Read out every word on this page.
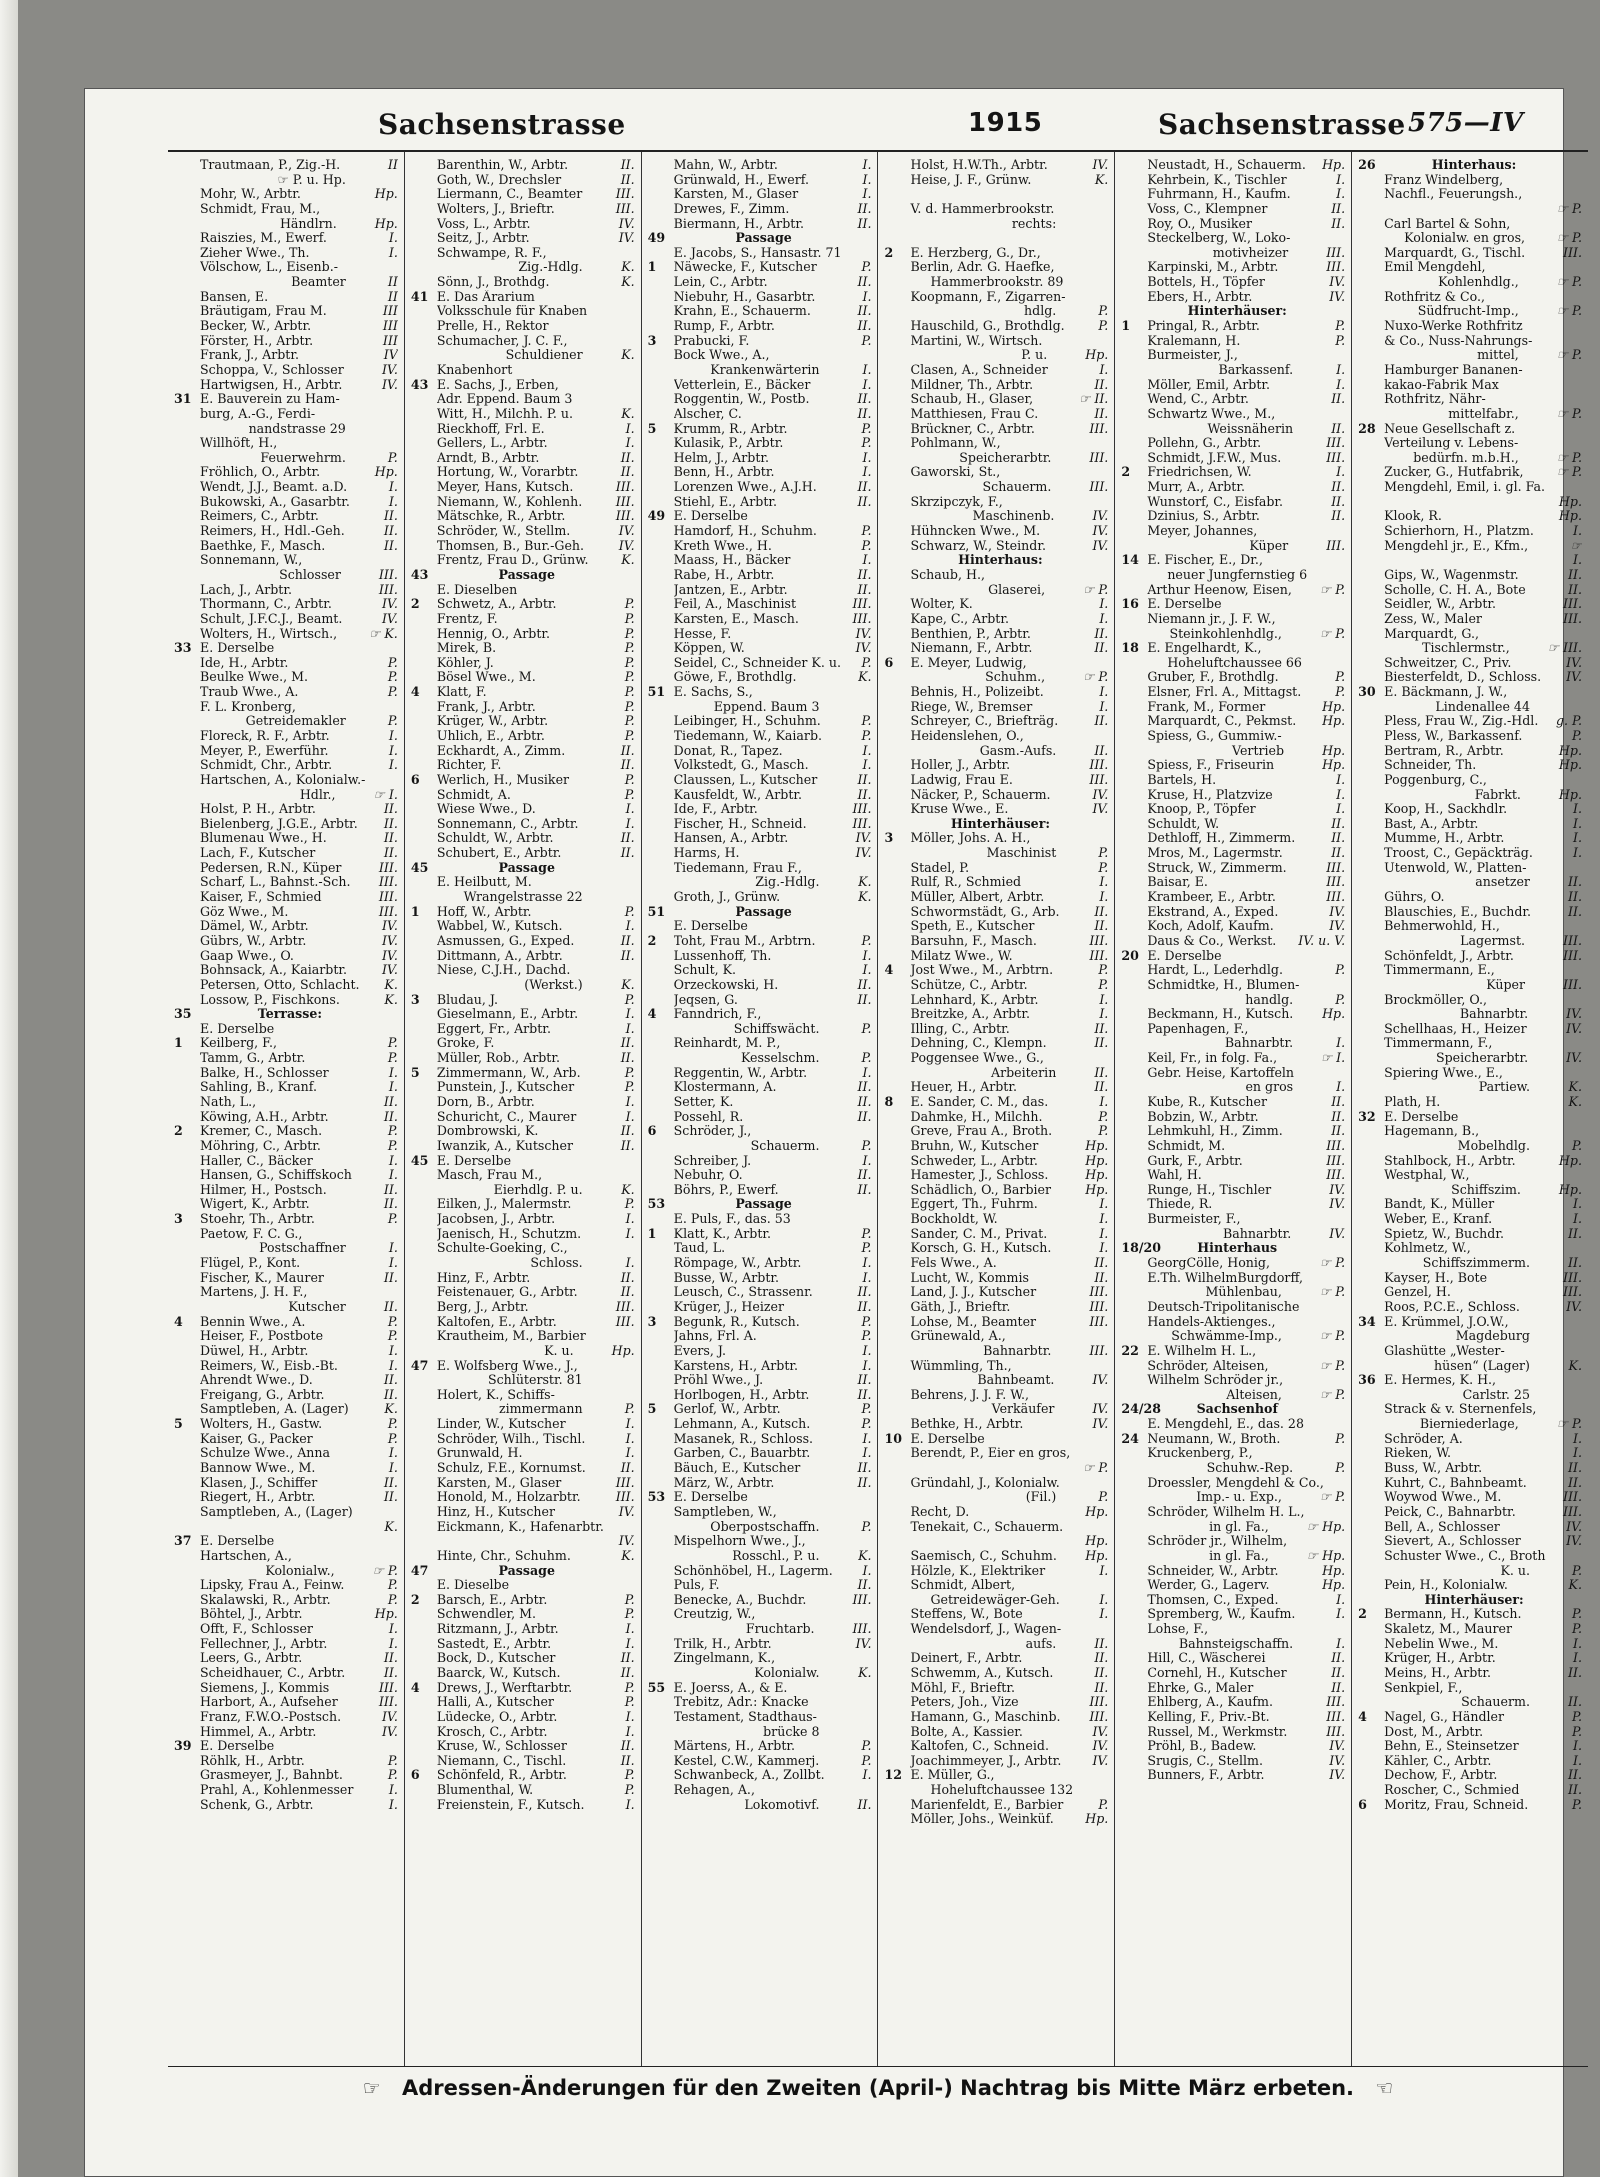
Sachsenstrasse	1915	Sachsenstrasse 575—IV
Trautmaan, P., Zig.-H.	II
☞ P. u. Hp.
Mohr, W., Arbtr.	Hp.
Schmidt, Frau, M.,
Händlrn.	Hp.
Raiszies, M., Ewerf.	I.
Zieher Wwe., Th.	I.
Völschow, L., Eisenb.-
Beamter	II
Bansen, E.	II
Bräutigam, Frau M.	III
Becker, W., Arbtr.	III
Förster, H., Arbtr.	III
Frank, J., Arbtr.	IV
Schoppa, V., Schlosser	IV.
Hartwigsen, H., Arbtr.	IV.
31 E. Bauverein zu Ham-
burg, A.-G., Ferdi-
nandstrasse 29
Willhöft, H.,
Feuerwehrm.	P.
Fröhlich, O., Arbtr.	Hp.
Wendt, J.J., Beamt. a.D.	I.
Bukowski, A., Gasarbtr.	I.
Reimers, C., Arbtr.	II.
Reimers, H., Hdl.-Geh.	II.
Baethke, F., Masch.	II.
Sonnemann, W.,
Schlosser	III.
Lach, J., Arbtr.	III.
Thormann, C., Arbtr.	IV.
Schult, J.F.C.J., Beamt.	IV.
Wolters, H., Wirtsch.,	☞ K.
33 E. Derselbe
Ide, H., Arbtr.	P.
Beulke Wwe., M.	P.
Traub Wwe., A.	P.
F. L. Kronberg,
Getreidemakler	P.
Floreck, R. F., Arbtr.	I.
Meyer, P., Ewerführ.	I.
Schmidt, Chr., Arbtr.	I.
Hartschen, A., Kolonialw.-
Hdlr.,	☞ I.
Holst, P. H., Arbtr.	II.
Bielenberg, J.G.E., Arbtr.	II.
Blumenau Wwe., H.	II.
Lach, F., Kutscher	II.
Pedersen, R.N., Küper	III.
Scharf, L., Bahnst.-Sch.	III.
Kaiser, F., Schmied	III.
Göz Wwe., M.	III.
Dämel, W., Arbtr.	IV.
Gübrs, W., Arbtr.	IV.
Gaap Wwe., O.	IV.
Bohnsack, A., Kaiarbtr.	IV.
Petersen, Otto, Schlacht.	K.
Lossow, P., Fischkons.	K.
35	Terrasse:
E. Derselbe
1	Keilberg, F.,	P.
Tamm, G., Arbtr.	P.
Balke, H., Schlosser	I.
Sahling, B., Kranf.	I.
Nath, L.,	II.
Köwing, A.H., Arbtr.	II.
2	Kremer, C., Masch.	P.
Möhring, C., Arbtr.	P.
Haller, C., Bäcker	I.
Hansen, G., Schiffskoch	I.
Hilmer, H., Postsch.	II.
Wigert, K., Arbtr.	II.
3	Stoehr, Th., Arbtr.	P.
Paetow, F. C. G.,
Postschaffner	I.
Flügel, P., Kont.	I.
Fischer, K., Maurer	II.
Martens, J. H. F.,
Kutscher	II.
4	Bennin Wwe., A.	P.
Heiser, F., Postbote	P.
Düwel, H., Arbtr.	I.
Reimers, W., Eisb.-Bt.	I.
Ahrendt Wwe., D.	II.
Freigang, G., Arbtr.	II.
Samptleben, A. (Lager)	K.
5	Wolters, H., Gastw.	P.
Kaiser, G., Packer	P.
Schulze Wwe., Anna	I.
Bannow Wwe., M.	I.
Klasen, J., Schiffer	II.
Riegert, H., Arbtr.	II.
Samptleben, A., (Lager)
K.
37 E. Derselbe
Hartschen, A.,
Kolonialw.,	☞ P.
Lipsky, Frau A., Feinw.	P.
Skalawski, R., Arbtr.	P.
Böhtel, J., Arbtr.	Hp.
Offt, F., Schlosser	I.
Fellechner, J., Arbtr.	I.
Leers, G., Arbtr.	II.
Scheidhauer, C., Arbtr.	II.
Siemens, J., Kommis	III.
Harbort, A., Aufseher	III.
Franz, F.W.O.-Postsch.	IV.
Himmel, A., Arbtr.	IV.
39 E. Derselbe
Röhlk, H., Arbtr.	P.
Grasmeyer, J., Bahnbt.	P.
Prahl, A., Kohlenmesser	I.
Schenk, G., Arbtr.	I.
Barenthin, W., Arbtr.	II.
Goth, W., Drechsler	II.
Liermann, C., Beamter	III.
Wolters, J., Brieftr.	III.
Voss, L., Arbtr.	IV.
Seitz, J., Arbtr.	IV.
Schwampe, R. F.,
Zig.-Hdlg.	K.
Sönn, J., Brothdg.	K.
41 E. Das Ärarium
Volksschule für Knaben
Prelle, H., Rektor
Schumacher, J. C. F.,
Schuldiener	K.
Knabenhort
43 E. Sachs, J., Erben,
Adr. Eppend. Baum 3
Witt, H., Milchh. P. u.	K.
Rieckhoff, Frl. E.	I.
Gellers, L., Arbtr.	I.
Arndt, B., Arbtr.	II.
Hortung, W., Vorarbtr.	II.
Meyer, Hans, Kutsch.	III.
Niemann, W., Kohlenh.	III.
Mätschke, R., Arbtr.	III.
Schröder, W., Stellm.	IV.
Thomsen, B., Bur.-Geh.	IV.
Frentz, Frau D., Grünw.	K.
43	Passage
E. Dieselben
2	Schwetz, A., Arbtr.	P.
Frentz, F.	P.
Hennig, O., Arbtr.	P.
Mirek, B.	P.
Köhler, J.	P.
Bösel Wwe., M.	P.
4	Klatt, F.	P.
Frank, J., Arbtr.	P.
Krüger, W., Arbtr.	P.
Uhlich, E., Arbtr.	P.
Eckhardt, A., Zimm.	II.
Richter, F.	II.
6	Werlich, H., Musiker	P.
Schmidt, A.	P.
Wiese Wwe., D.	I.
Sonnemann, C., Arbtr.	I.
Schuldt, W., Arbtr.	II.
Schubert, E., Arbtr.	II.
45	Passage
E. Heilbutt, M.
Wrangelstrasse 22
1	Hoff, W., Arbtr.	P.
Wabbel, W., Kutsch.	I.
Asmussen, G., Exped.	II.
Dittmann, A., Arbtr.	II.
Niese, C.J.H., Dachd.
(Werkst.)	K.
3	Bludau, J.	P.
Gieselmann, E., Arbtr.	I.
Eggert, Fr., Arbtr.	I.
Groke, F.	II.
Müller, Rob., Arbtr.	II.
5	Zimmermann, W., Arb.	P.
Punstein, J., Kutscher	P.
Dorn, B., Arbtr.	I.
Schuricht, C., Maurer	I.
Dombrowski, K.	II.
Iwanzik, A., Kutscher	II.
45 E. Derselbe
Masch, Frau M.,
Eierhdlg. P. u.	K.
Eilken, J., Malermstr.	P.
Jacobsen, J., Arbtr.	I.
Jaenisch, H., Schutzm.	I.
Schulte-Goeking, C.,
Schloss.	I.
Hinz, F., Arbtr.	II.
Feistenauer, G., Arbtr.	II.
Berg, J., Arbtr.	III.
Kaltofen, E., Arbtr.	III.
Krautheim, M., Barbier
K. u.	Hp.
47 E. Wolfsberg Wwe., J.,
Schlüterstr. 81
Holert, K., Schiffs-
zimmermann	P.
Linder, W., Kutscher	I.
Schröder, Wilh., Tischl.	I.
Grunwald, H.	I.
Schulz, F.E., Kornumst.	II.
Karsten, M., Glaser	III.
Honold, M., Holzarbtr.	III.
Hinz, H., Kutscher	IV.
Eickmann, K., Hafenarbtr.
IV.
Hinte, Chr., Schuhm.	K.
47	Passage
E. Dieselbe
2	Barsch, E., Arbtr.	P.
Schwendler, M.	P.
Ritzmann, J., Arbtr.	I.
Sastedt, E., Arbtr.	I.
Bock, D., Kutscher	II.
Baarck, W., Kutsch.	II.
4	Drews, J., Werftarbtr.	P.
Halli, A., Kutscher	P.
Lüdecke, O., Arbtr.	I.
Krosch, C., Arbtr.	I.
Kruse, W., Schlosser	II.
Niemann, C., Tischl.	II.
6	Schönfeld, R., Arbtr.	P.
Blumenthal, W.	P.
Freienstein, F., Kutsch.	I.
Mahn, W., Arbtr.	I.
Grünwald, H., Ewerf.	I.
Karsten, M., Glaser	I.
Drewes, F., Zimm.	II.
Biermann, H., Arbtr.	II.
49	Passage
E. Jacobs, S., Hansastr. 71
1	Näwecke, F., Kutscher	P.
Lein, C., Arbtr.	II.
Niebuhr, H., Gasarbtr.	I.
Krahn, E., Schauerm.	II.
Rump, F., Arbtr.	II.
3	Prabucki, F.	P.
Bock Wwe., A.,
Krankenwärterin	I.
Vetterlein, E., Bäcker	I.
Roggentin, W., Postb.	II.
Alscher, C.	II.
5	Krumm, R., Arbtr.	P.
Kulasik, P., Arbtr.	P.
Helm, J., Arbtr.	I.
Benn, H., Arbtr.	I.
Lorenzen Wwe., A.J.H.	II.
Stiehl, E., Arbtr.	II.
49 E. Derselbe
Hamdorf, H., Schuhm.	P.
Kreth Wwe., H.	P.
Maass, H., Bäcker	I.
Rabe, H., Arbtr.	II.
Jantzen, E., Arbtr.	II.
Feil, A., Maschinist	III.
Karsten, E., Masch.	III.
Hesse, F.	IV.
Köppen, W.	IV.
Seidel, C., Schneider K. u.	P.
Göwe, F., Brothdlg.	K.
51 E. Sachs, S.,
Eppend. Baum 3
Leibinger, H., Schuhm.	P.
Tiedemann, W., Kaiarb.	P.
Donat, R., Tapez.	I.
Volkstedt, G., Masch.	I.
Claussen, L., Kutscher	II.
Kausfeldt, W., Arbtr.	II.
Ide, F., Arbtr.	III.
Fischer, H., Schneid.	III.
Hansen, A., Arbtr.	IV.
Harms, H.	IV.
Tiedemann, Frau F.,
Zig.-Hdlg.	K.
Groth, J., Grünw.	K.
51	Passage
E. Derselbe
2	Toht, Frau M., Arbtrn.	P.
Lussenhoff, Th.	I.
Schult, K.	I.
Orzeckowski, H.	II.
Jeqsen, G.	II.
4	Fanndrich, F.,
Schiffswächt.	P.
Reinhardt, M. P.,
Kesselschm.	P.
Reggentin, W., Arbtr.	I.
Klostermann, A.	II.
Setter, K.	II.
Possehl, R.	II.
6	Schröder, J.,
Schauerm.	P.
Schreiber, J.	I.
Nebuhr, O.	II.
Böhrs, P., Ewerf.	II.
53	Passage
E. Puls, F., das. 53
1	Klatt, K., Arbtr.	P.
Taud, L.	P.
Römpage, W., Arbtr.	I.
Busse, W., Arbtr.	I.
Leusch, C., Strassenr.	II.
Krüger, J., Heizer	II.
3	Begunk, R., Kutsch.	P.
Jahns, Frl. A.	P.
Evers, J.	I.
Karstens, H., Arbtr.	I.
Pröhl Wwe., J.	II.
Horlbogen, H., Arbtr.	II.
5	Gerlof, W., Arbtr.	P.
Lehmann, A., Kutsch.	P.
Masanek, R., Schloss.	I.
Garben, C., Bauarbtr.	I.
Bäuch, E., Kutscher	II.
März, W., Arbtr.	II.
53 E. Derselbe
Samptleben, W.,
Oberpostschaffn.	P.
Mispelhorn Wwe., J.,
Rosschl., P. u.	K.
Schönhöbel, H., Lagerm.	I.
Puls, F.	II.
Benecke, A., Buchdr.	III.
Creutzig, W.,
Fruchtarb.	III.
Trilk, H., Arbtr.	IV.
Zingelmann, K.,
Kolonialw.	K.
55 E. Joerss, A., & E.
Trebitz, Adr.: Knacke
Testament, Stadthaus-
brücke 8
Märtens, H., Arbtr.	P.
Kestel, C.W., Kammerj.	P.
Schwanbeck, A., Zollbt.	I.
Rehagen, A.,
Lokomotivf.	II.
Holst, H.W.Th., Arbtr.	IV.
Heise, J. F., Grünw.	K.
V. d. Hammerbrookstr.
rechts:
2	E. Herzberg, G., Dr.,
Berlin, Adr. G. Haefke,
Hammerbrookstr. 89
Koopmann, F., Zigarren-
hdlg.	P.
Hauschild, G., Brothdlg.	P.
Martini, W., Wirtsch.
P. u.	Hp.
Clasen, A., Schneider	I.
Mildner, Th., Arbtr.	II.
Schaub, H., Glaser,	☞ II.
Matthiesen, Frau C.	II.
Brückner, C., Arbtr.	III.
Pohlmann, W.,
Speicherarbtr.	III.
Gaworski, St.,
Schauerm.	III.
Skrzipczyk, F.,
Maschinenb.	IV.
Hühncken Wwe., M.	IV.
Schwarz, W., Steindr.	IV.
Hinterhaus:
Schaub, H.,
Glaserei,	☞ P.
Wolter, K.	I.
Kape, C., Arbtr.	I.
Benthien, P., Arbtr.	II.
Niemann, F., Arbtr.	II.
6	E. Meyer, Ludwig,
Schuhm.,	☞ P.
Behnis, H., Polizeibt.	I.
Riege, W., Bremser	I.
Schreyer, C., Briefträg.	II.
Heidenslehen, O.,
Gasm.-Aufs.	II.
Holler, J., Arbtr.	III.
Ladwig, Frau E.	III.
Näcker, P., Schauerm.	IV.
Kruse Wwe., E.	IV.
Hinterhäuser:
3	Möller, Johs. A. H.,
Maschinist	P.
Stadel, P.	P.
Rulf, R., Schmied	I.
Müller, Albert, Arbtr.	I.
Schwormstädt, G., Arb.	II.
Speth, E., Kutscher	II.
Barsuhn, F., Masch.	III.
Milatz Wwe., W.	III.
4	Jost Wwe., M., Arbtrn.	P.
Schütze, C., Arbtr.	P.
Lehnhard, K., Arbtr.	I.
Breitzke, A., Arbtr.	I.
Illing, C., Arbtr.	II.
Dehning, C., Klempn.	II.
Poggensee Wwe., G.,
Arbeiterin	II.
Heuer, H., Arbtr.	II.
8	E. Sander, C. M., das.	I.
Dahmke, H., Milchh.	P.
Greve, Frau A., Broth.	P.
Bruhn, W., Kutscher	Hp.
Schweder, L., Arbtr.	Hp.
Hamester, J., Schloss.	Hp.
Schädlich, O., Barbier	Hp.
Eggert, Th., Fuhrm.	I.
Bockholdt, W.	I.
Sander, C. M., Privat.	I.
Korsch, G. H., Kutsch.	I.
Fels Wwe., A.	II.
Lucht, W., Kommis	II.
Land, J. J., Kutscher	III.
Gäth, J., Brieftr.	III.
Lohse, M., Beamter	III.
Grünewald, A.,
Bahnarbtr.	III.
Wümmling, Th.,
Bahnbeamt.	IV.
Behrens, J. J. F. W.,
Verkäufer	IV.
Bethke, H., Arbtr.	IV.
10 E. Derselbe
Berendt, P., Eier en gros,
☞ P.
Gründahl, J., Kolonialw.
(Fil.)	P.
Recht, D.	Hp.
Tenekait, C., Schauerm.
Hp.
Saemisch, C., Schuhm.	Hp.
Hölzle, K., Elektriker	I.
Schmidt, Albert,
Getreidewäger-Geh.	I.
Steffens, W., Bote	I.
Wendelsdorf, J., Wagen-
aufs.	II.
Deinert, F., Arbtr.	II.
Schwemm, A., Kutsch.	II.
Möhl, F., Brieftr.	II.
Peters, Joh., Vize	III.
Hamann, G., Maschinb.	III.
Bolte, A., Kassier.	IV.
Kaltofen, C., Schneid.	IV.
Joachimmeyer, J., Arbtr.	IV.
12 E. Müller, G.,
Hoheluftchaussee 132
Marienfeldt, E., Barbier	P.
Möller, Johs., Weinküf.	Hp.
Neustadt, H., Schauerm.	Hp.
Kehrbein, K., Tischler	I.
Fuhrmann, H., Kaufm.	I.
Voss, C., Klempner	II.
Roy, O., Musiker	II.
Steckelberg, W., Loko-
motivheizer	III.
Karpinski, M., Arbtr.	III.
Bottels, H., Töpfer	IV.
Ebers, H., Arbtr.	IV.
Hinterhäuser:
1	Pringal, R., Arbtr.	P.
Kralemann, H.	P.
Burmeister, J.,
Barkassenf.	I.
Möller, Emil, Arbtr.	I.
Wend, C., Arbtr.	II.
Schwartz Wwe., M.,
Weissnäherin	II.
Pollehn, G., Arbtr.	III.
Schmidt, J.F.W., Mus.	III.
2	Friedrichsen, W.	I.
Murr, A., Arbtr.	II.
Wunstorf, C., Eisfabr.	II.
Dzinius, S., Arbtr.	II.
Meyer, Johannes,
Küper	III.
14 E. Fischer, E., Dr.,
neuer Jungfernstieg 6
Arthur Heenow, Eisen,	☞ P.
16 E. Derselbe
Niemann jr., J. F. W.,
Steinkohlenhdlg.,	☞ P.
18 E. Engelhardt, K.,
Hoheluftchaussee 66
Gruber, F., Brothdlg.	P.
Elsner, Frl. A., Mittagst.	P.
Frank, M., Former	Hp.
Marquardt, C., Pekmst.	Hp.
Spiess, G., Gummiw.-
Vertrieb	Hp.
Spiess, F., Friseurin	Hp.
Bartels, H.	I.
Kruse, H., Platzvize	I.
Knoop, P., Töpfer	I.
Schuldt, W.	II.
Dethloff, H., Zimmerm.	II.
Mros, M., Lagermstr.	II.
Struck, W., Zimmerm.	III.
Baisar, E.	III.
Krambeer, E., Arbtr.	III.
Ekstrand, A., Exped.	IV.
Koch, Adolf, Kaufm.	IV.
Daus & Co., Werkst.	IV. u. V.
20 E. Derselbe
Hardt, L., Lederhdlg.	P.
Schmidtke, H., Blumen-
handlg.	P.
Beckmann, H., Kutsch.	Hp.
Papenhagen, F.,
Bahnarbtr.	I.
Keil, Fr., in folg. Fa.,	☞ I.
Gebr. Heise, Kartoffeln
en gros	I.
Kube, R., Kutscher	II.
Bobzin, W., Arbtr.	II.
Lehmkuhl, H., Zimm.	II.
Schmidt, M.	III.
Gurk, F., Arbtr.	III.
Wahl, H.	III.
Runge, H., Tischler	IV.
Thiede, R.	IV.
Burmeister, F.,
Bahnarbtr.	IV.
18/20	Hinterhaus
GeorgCölle, Honig,	☞ P.
E.Th. WilhelmBurgdorff,
Mühlenbau,	☞ P.
Deutsch-Tripolitanische
Handels-Aktienges.,
Schwämme-Imp.,	☞ P.
22 E. Wilhelm H. L.,
Schröder, Alteisen,	☞ P.
Wilhelm Schröder jr.,
Alteisen,	☞ P.
24/28	Sachsenhof
E. Mengdehl, E., das. 28
24 Neumann, W., Broth.	P.
Kruckenberg, P.,
Schuhw.-Rep.	P.
Droessler, Mengdehl & Co.,
Imp.- u. Exp.,	☞ P.
Schröder, Wilhelm H. L.,
in gl. Fa.,	☞ Hp.
Schröder jr., Wilhelm,
in gl. Fa.,	☞ Hp.
Schneider, W., Arbtr.	Hp.
Werder, G., Lagerv.	Hp.
Thomsen, C., Exped.	I.
Spremberg, W., Kaufm.	I.
Lohse, F.,
Bahnsteigschaffn.	I.
Hill, C., Wäscherei	II.
Cornehl, H., Kutscher	II.
Ehrke, G., Maler	II.
Ehlberg, A., Kaufm.	III.
Kelling, F., Priv.-Bt.	III.
Russel, M., Werkmstr.	III.
Pröhl, B., Badew.	IV.
Srugis, C., Stellm.	IV.
Bunners, F., Arbtr.	IV.
26	Hinterhaus:
Franz Windelberg,
Nachfl., Feuerungsh.,
☞ P.
Carl Bartel & Sohn,
Kolonialw. en gros,	☞ P.
Marquardt, G., Tischl.	III.
Emil Mengdehl,
Kohlenhdlg.,	☞ P.
Rothfritz & Co.,
Südfrucht-Imp.,	☞ P.
Nuxo-Werke Rothfritz
& Co., Nuss-Nahrungs-
mittel,	☞ P.
Hamburger Bananen-
kakao-Fabrik Max
Rothfritz, Nähr-
mittelfabr.,	☞ P.
28 Neue Gesellschaft z.
Verteilung v. Lebens-
bedürfn. m.b.H.,	☞ P.
Zucker, G., Hutfabrik,	☞ P.
Mengdehl, Emil, i. gl. Fa.
Hp.
Klook, R.	Hp.
Schierhorn, H., Platzm.	I.
Mengdehl jr., E., Kfm.,	☞
I.
Gips, W., Wagenmstr.	II.
Scholle, C. H. A., Bote	II.
Seidler, W., Arbtr.	III.
Zess, W., Maler	III.
Marquardt, G.,
Tischlermstr.,	☞ III.
Schweitzer, C., Priv.	IV.
Biesterfeldt, D., Schloss.	IV.
30 E. Bäckmann, J. W.,
Lindenallee 44
Pless, Frau W., Zig.-Hdl.	g. P.
Pless, W., Barkassenf.	P.
Bertram, R., Arbtr.	Hp.
Schneider, Th.	Hp.
Poggenburg, C.,
Fabrkt.	Hp.
Koop, H., Sackhdlr.	I.
Bast, A., Arbtr.	I.
Mumme, H., Arbtr.	I.
Troost, C., Gepäckträg.	I.
Utenwold, W., Platten-
ansetzer	II.
Gührs, O.	II.
Blauschies, E., Buchdr.	II.
Behmerwohld, H.,
Lagermst.	III.
Schönfeldt, J., Arbtr.	III.
Timmermann, E.,
Küper	III.
Brockmöller, O.,
Bahnarbtr.	IV.
Schellhaas, H., Heizer	IV.
Timmermann, F.,
Speicherarbtr.	IV.
Spiering Wwe., E.,
Partiew.	K.
Plath, H.	K.
32 E. Derselbe
Hagemann, B.,
Mobelhdlg.	P.
Stahlbock, H., Arbtr.	Hp.
Westphal, W.,
Schiffszim.	Hp.
Bandt, K., Müller	I.
Weber, E., Kranf.	I.
Spietz, W., Buchdr.	II.
Kohlmetz, W.,
Schiffszimmerm.	II.
Kayser, H., Bote	III.
Genzel, H.	III.
Roos, P.C.E., Schloss.	IV.
34 E. Krümmel, J.O.W.,
Magdeburg
Glashütte „Wester-
hüsen“ (Lager)	K.
36 E. Hermes, K. H.,
Carlstr. 25
Strack & v. Sternenfels,
Bierniederlage,	☞ P.
Schröder, A.	I.
Rieken, W.	I.
Buss, W., Arbtr.	II.
Kuhrt, C., Bahnbeamt.	II.
Woywod Wwe., M.	III.
Peick, C., Bahnarbtr.	III.
Bell, A., Schlosser	IV.
Sievert, A., Schlosser	IV.
Schuster Wwe., C., Broth
K. u.	P.
Pein, H., Kolonialw.	K.
Hinterhäuser:
2	Bermann, H., Kutsch.	P.
Skaletz, M., Maurer	P.
Nebelin Wwe., M.	I.
Krüger, H., Arbtr.	I.
Meins, H., Arbtr.	II.
Senkpiel, F.,
Schauerm.	II.
4	Nagel, G., Händler	P.
Dost, M., Arbtr.	P.
Behn, E., Steinsetzer	I.
Kähler, C., Arbtr.	I.
Dechow, F., Arbtr.	II.
Roscher, C., Schmied	II.
6	Moritz, Frau, Schneid.	P.
☞ Adressen-Änderungen für den Zweiten (April-) Nachtrag bis Mitte März erbeten. ☜
